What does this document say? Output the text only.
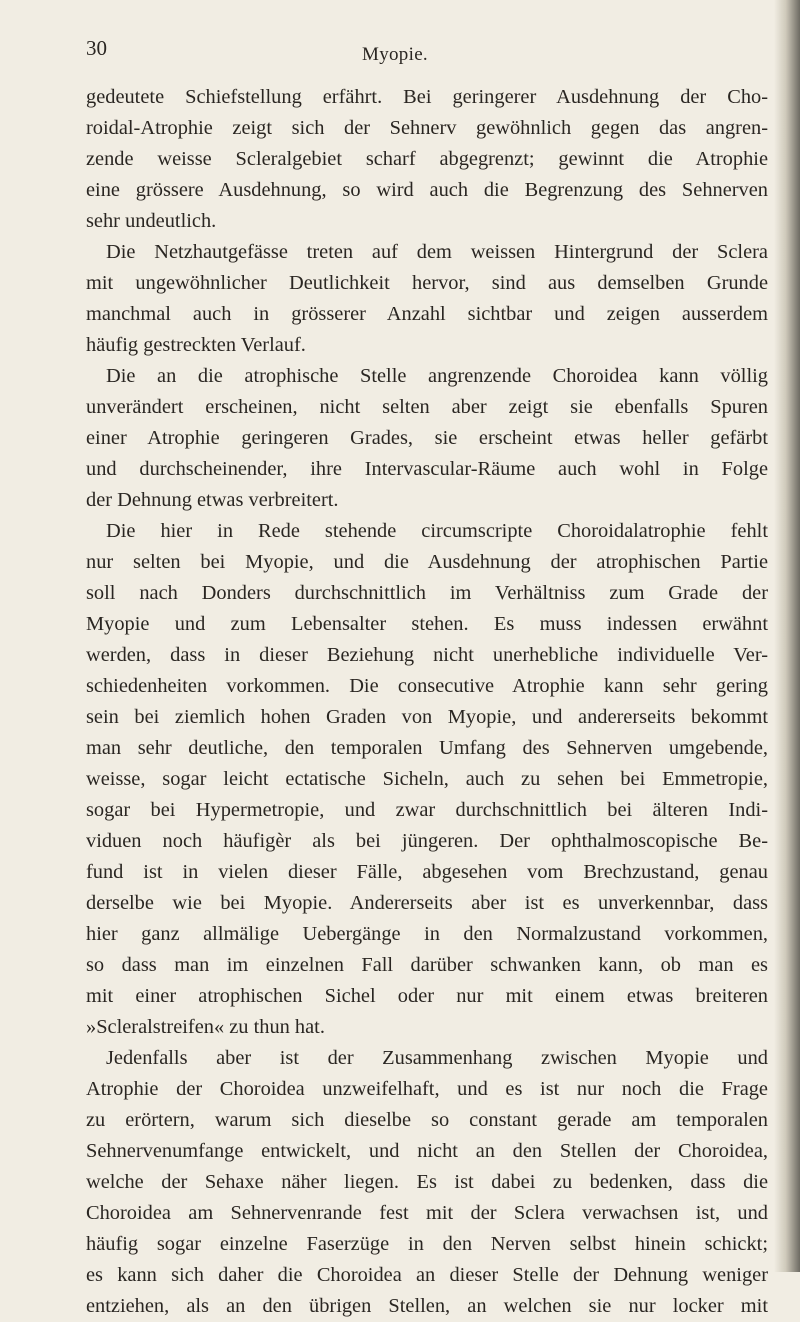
30	Myopie.
gedeutete Schiefstellung erfährt. Bei geringerer Ausdehnung der Cho-
roidal-Atrophie zeigt sich der Sehnerv gewöhnlich gegen das angren-
zende weisse Scleralgebiet scharf abgegrenzt; gewinnt die Atrophie
eine grössere Ausdehnung, so wird auch die Begrenzung des Sehnerven
sehr undeutlich.
Die Netzhautgefässe treten auf dem weissen Hintergrund der Sclera
mit ungewöhnlicher Deutlichkeit hervor, sind aus demselben Grunde
manchmal auch in grösserer Anzahl sichtbar und zeigen ausserdem
häufig gestreckten Verlauf.
Die an die atrophische Stelle angrenzende Choroidea kann völlig
unverändert erscheinen, nicht selten aber zeigt sie ebenfalls Spuren
einer Atrophie geringeren Grades, sie erscheint etwas heller gefärbt
und durchscheinender, ihre Intervascular-Räume auch wohl in Folge
der Dehnung etwas verbreitert.
Die hier in Rede stehende circumscripte Choroidalatrophie fehlt
nur selten bei Myopie, und die Ausdehnung der atrophischen Partie
soll nach Donders durchschnittlich im Verhältniss zum Grade der
Myopie und zum Lebensalter stehen. Es muss indessen erwähnt
werden, dass in dieser Beziehung nicht unerhebliche individuelle Ver-
schiedenheiten vorkommen. Die consecutive Atrophie kann sehr gering
sein bei ziemlich hohen Graden von Myopie, und andererseits bekommt
man sehr deutliche, den temporalen Umfang des Sehnerven umgebende,
weisse, sogar leicht ectatische Sicheln, auch zu sehen bei Emmetropie,
sogar bei Hypermetropie, und zwar durchschnittlich bei älteren Indi-
viduen noch häufigèr als bei jüngeren. Der ophthalmoscopische Be-
fund ist in vielen dieser Fälle, abgesehen vom Brechzustand, genau
derselbe wie bei Myopie. Andererseits aber ist es unverkennbar, dass
hier ganz allmälige Uebergänge in den Normalzustand vorkommen,
so dass man im einzelnen Fall darüber schwanken kann, ob man es
mit einer atrophischen Sichel oder nur mit einem etwas breiteren
»Scleralstreifen« zu thun hat.
Jedenfalls aber ist der Zusammenhang zwischen Myopie und
Atrophie der Choroidea unzweifelhaft, und es ist nur noch die Frage
zu erörtern, warum sich dieselbe so constant gerade am temporalen
Sehnervenumfange entwickelt, und nicht an den Stellen der Choroidea,
welche der Sehaxe näher liegen. Es ist dabei zu bedenken, dass die
Choroidea am Sehnervenrande fest mit der Sclera verwachsen ist, und
häufig sogar einzelne Faserzüge in den Nerven selbst hinein schickt;
es kann sich daher die Choroidea an dieser Stelle der Dehnung weniger
entziehen, als an den übrigen Stellen, an welchen sie nur locker mit
